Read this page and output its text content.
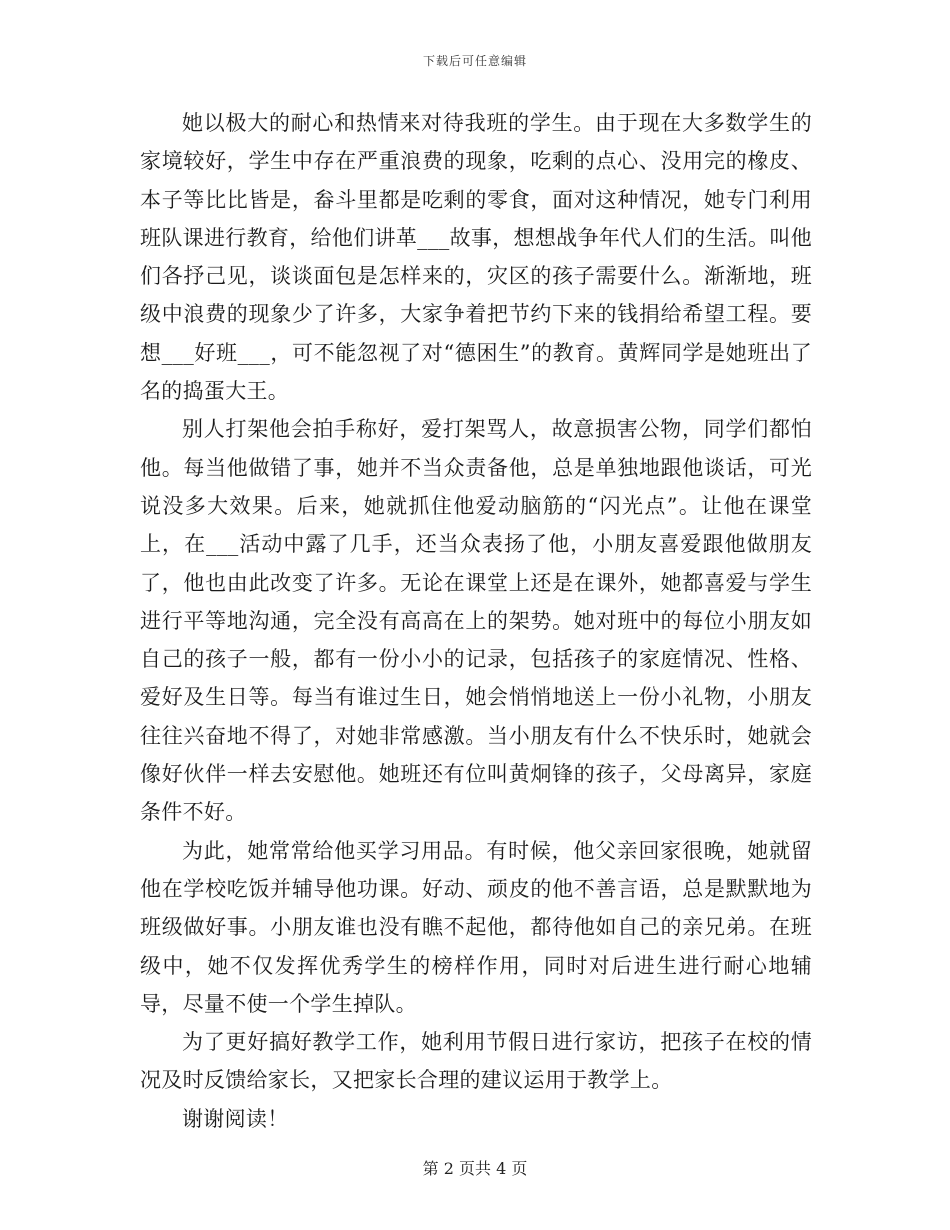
下载后可任意编辑

她以极大的耐心和热情来对待我班的学生。由于现在大多数学生的家境较好，学生中存在严重浪费的现象，吃剩的点心、没用完的橡皮、本子等比比皆是，畚斗里都是吃剩的零食，面对这种情况，她专门利用班队课进行教育，给他们讲革___故事，想想战争年代人们的生活。叫他们各抒己见，谈谈面包是怎样来的，灾区的孩子需要什么。渐渐地，班级中浪费的现象少了许多，大家争着把节约下来的钱捐给希望工程。要想___好班___，可不能忽视了对“德困生”的教育。黄辉同学是她班出了名的捣蛋大王。

别人打架他会拍手称好，爱打架骂人，故意损害公物，同学们都怕他。每当他做错了事，她并不当众责备他，总是单独地跟他谈话，可光说没多大效果。后来，她就抓住他爱动脑筋的“闪光点”。让他在课堂上，在___活动中露了几手，还当众表扬了他，小朋友喜爱跟他做朋友了，他也由此改变了许多。无论在课堂上还是在课外，她都喜爱与学生进行平等地沟通，完全没有高高在上的架势。她对班中的每位小朋友如自己的孩子一般，都有一份小小的记录，包括孩子的家庭情况、性格、爱好及生日等。每当有谁过生日，她会悄悄地送上一份小礼物，小朋友往往兴奋地不得了，对她非常感激。当小朋友有什么不快乐时，她就会像好伙伴一样去安慰他。她班还有位叫黄炯锋的孩子，父母离异，家庭条件不好。

为此，她常常给他买学习用品。有时候，他父亲回家很晚，她就留他在学校吃饭并辅导他功课。好动、顽皮的他不善言语，总是默默地为班级做好事。小朋友谁也没有瞧不起他，都待他如自己的亲兄弟。在班级中，她不仅发挥优秀学生的榜样作用，同时对后进生进行耐心地辅导，尽量不使一个学生掉队。

为了更好搞好教学工作，她利用节假日进行家访，把孩子在校的情况及时反馈给家长，又把家长合理的建议运用于教学上。

谢谢阅读！

第 2 页共 4 页
